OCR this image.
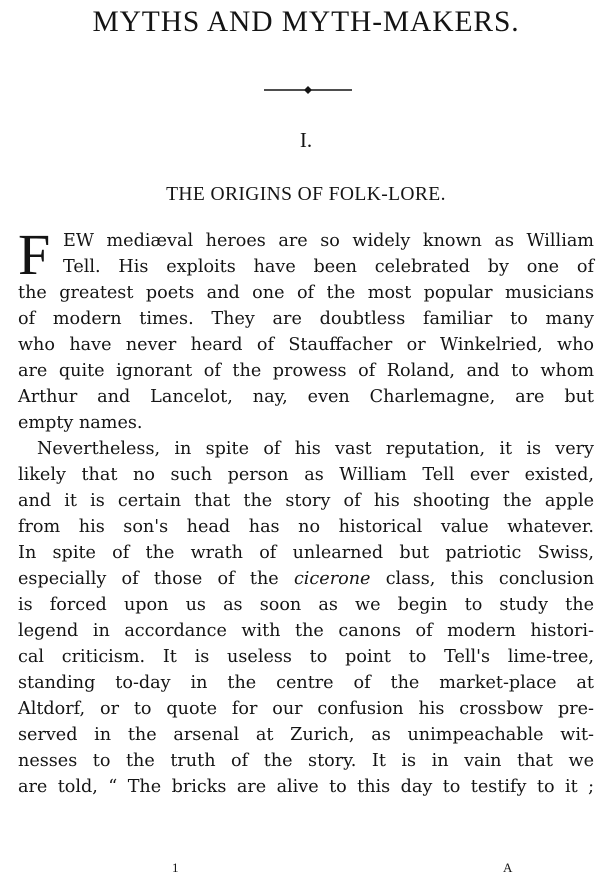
MYTHS AND MYTH-MAKERS.
I.
THE ORIGINS OF FOLK-LORE.
F EW mediæval heroes are so widely known as William
Tell. His exploits have been celebrated by one of
the greatest poets and one of the most popular musicians
of modern times. They are doubtless familiar to many
who have never heard of Stauffacher or Winkelried, who
are quite ignorant of the prowess of Roland, and to whom
Arthur and Lancelot, nay, even Charlemagne, are but
empty names.
Nevertheless, in spite of his vast reputation, it is very
likely that no such person as William Tell ever existed,
and it is certain that the story of his shooting the apple
from his son's head has no historical value whatever.
In spite of the wrath of unlearned but patriotic Swiss,
especially of those of the cicerone class, this conclusion
is forced upon us as soon as we begin to study the
legend in accordance with the canons of modern histori-
cal criticism. It is useless to point to Tell's lime-tree,
standing to-day in the centre of the market-place at
Altdorf, or to quote for our confusion his crossbow pre-
served in the arsenal at Zurich, as unimpeachable wit-
nesses to the truth of the story. It is in vain that we
are told, “ The bricks are alive to this day to testify to it ;
1	A
